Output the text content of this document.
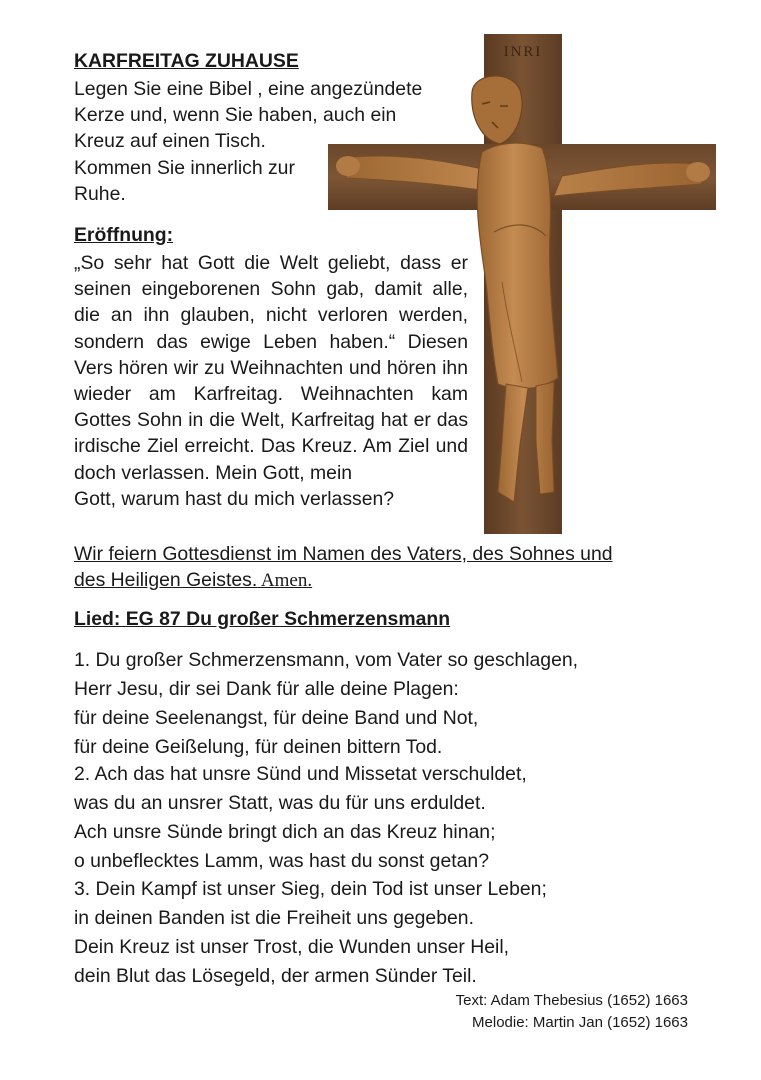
INRI
KARFREITAG ZUHAUSE
Legen Sie eine Bibel , eine angezündete
Kerze und, wenn Sie haben, auch ein
Kreuz auf einen Tisch.
Kommen Sie innerlich zur
Ruhe.
Eröffnung:

„So sehr hat Gott die Welt geliebt, dass er seinen eingeborenen Sohn gab, damit alle, die an ihn glauben, nicht verloren werden, sondern das ewige Leben haben.“ Diesen Vers hören wir zu Weihnachten und hören ihn wieder am Karfreitag. Weihnachten kam Gottes Sohn in die Welt, Karfreitag hat er das irdische Ziel erreicht. Das Kreuz. Am Ziel und doch verlassen. Mein Gott, mein

Gott, warum hast du mich verlassen?

Wir feiern Gottesdienst im Namen des Vaters, des Sohnes und
des Heiligen Geistes. Amen.
Lied: EG 87 Du großer Schmerzensmann
1. Du großer Schmerzensmann, vom Vater so geschlagen,
Herr Jesu, dir sei Dank für alle deine Plagen:
für deine Seelenangst, für deine Band und Not,
für deine Geißelung, für deinen bittern Tod.
2. Ach das hat unsre Sünd und Missetat verschuldet,
was du an unsrer Statt, was du für uns erduldet.
Ach unsre Sünde bringt dich an das Kreuz hinan;
o unbeflecktes Lamm, was hast du sonst getan?
3. Dein Kampf ist unser Sieg, dein Tod ist unser Leben;
in deinen Banden ist die Freiheit uns gegeben.
Dein Kreuz ist unser Trost, die Wunden unser Heil,
dein Blut das Lösegeld, der armen Sünder Teil.
Text: Adam Thebesius (1652) 1663
Melodie: Martin Jan (1652) 1663
